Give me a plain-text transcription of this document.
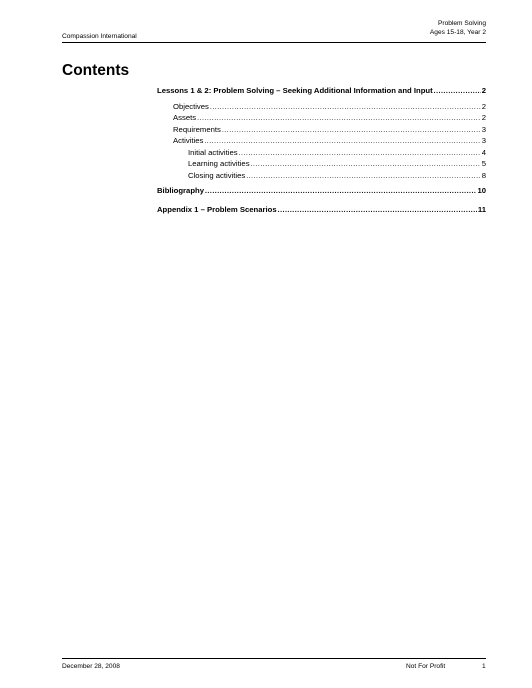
Problem Solving
Ages 15-18, Year 2
Compassion International
Contents
Lessons 1 & 2: Problem Solving – Seeking Additional Information and Input .....	2
Objectives .....	2
Assets .....	2
Requirements .....	3
Activities .....	3
Initial activities .....	4
Learning activities .....	5
Closing activities .....	8
Bibliography .....	10
Appendix 1 – Problem Scenarios .....	11
December 28, 2008	Not For Profit	1
